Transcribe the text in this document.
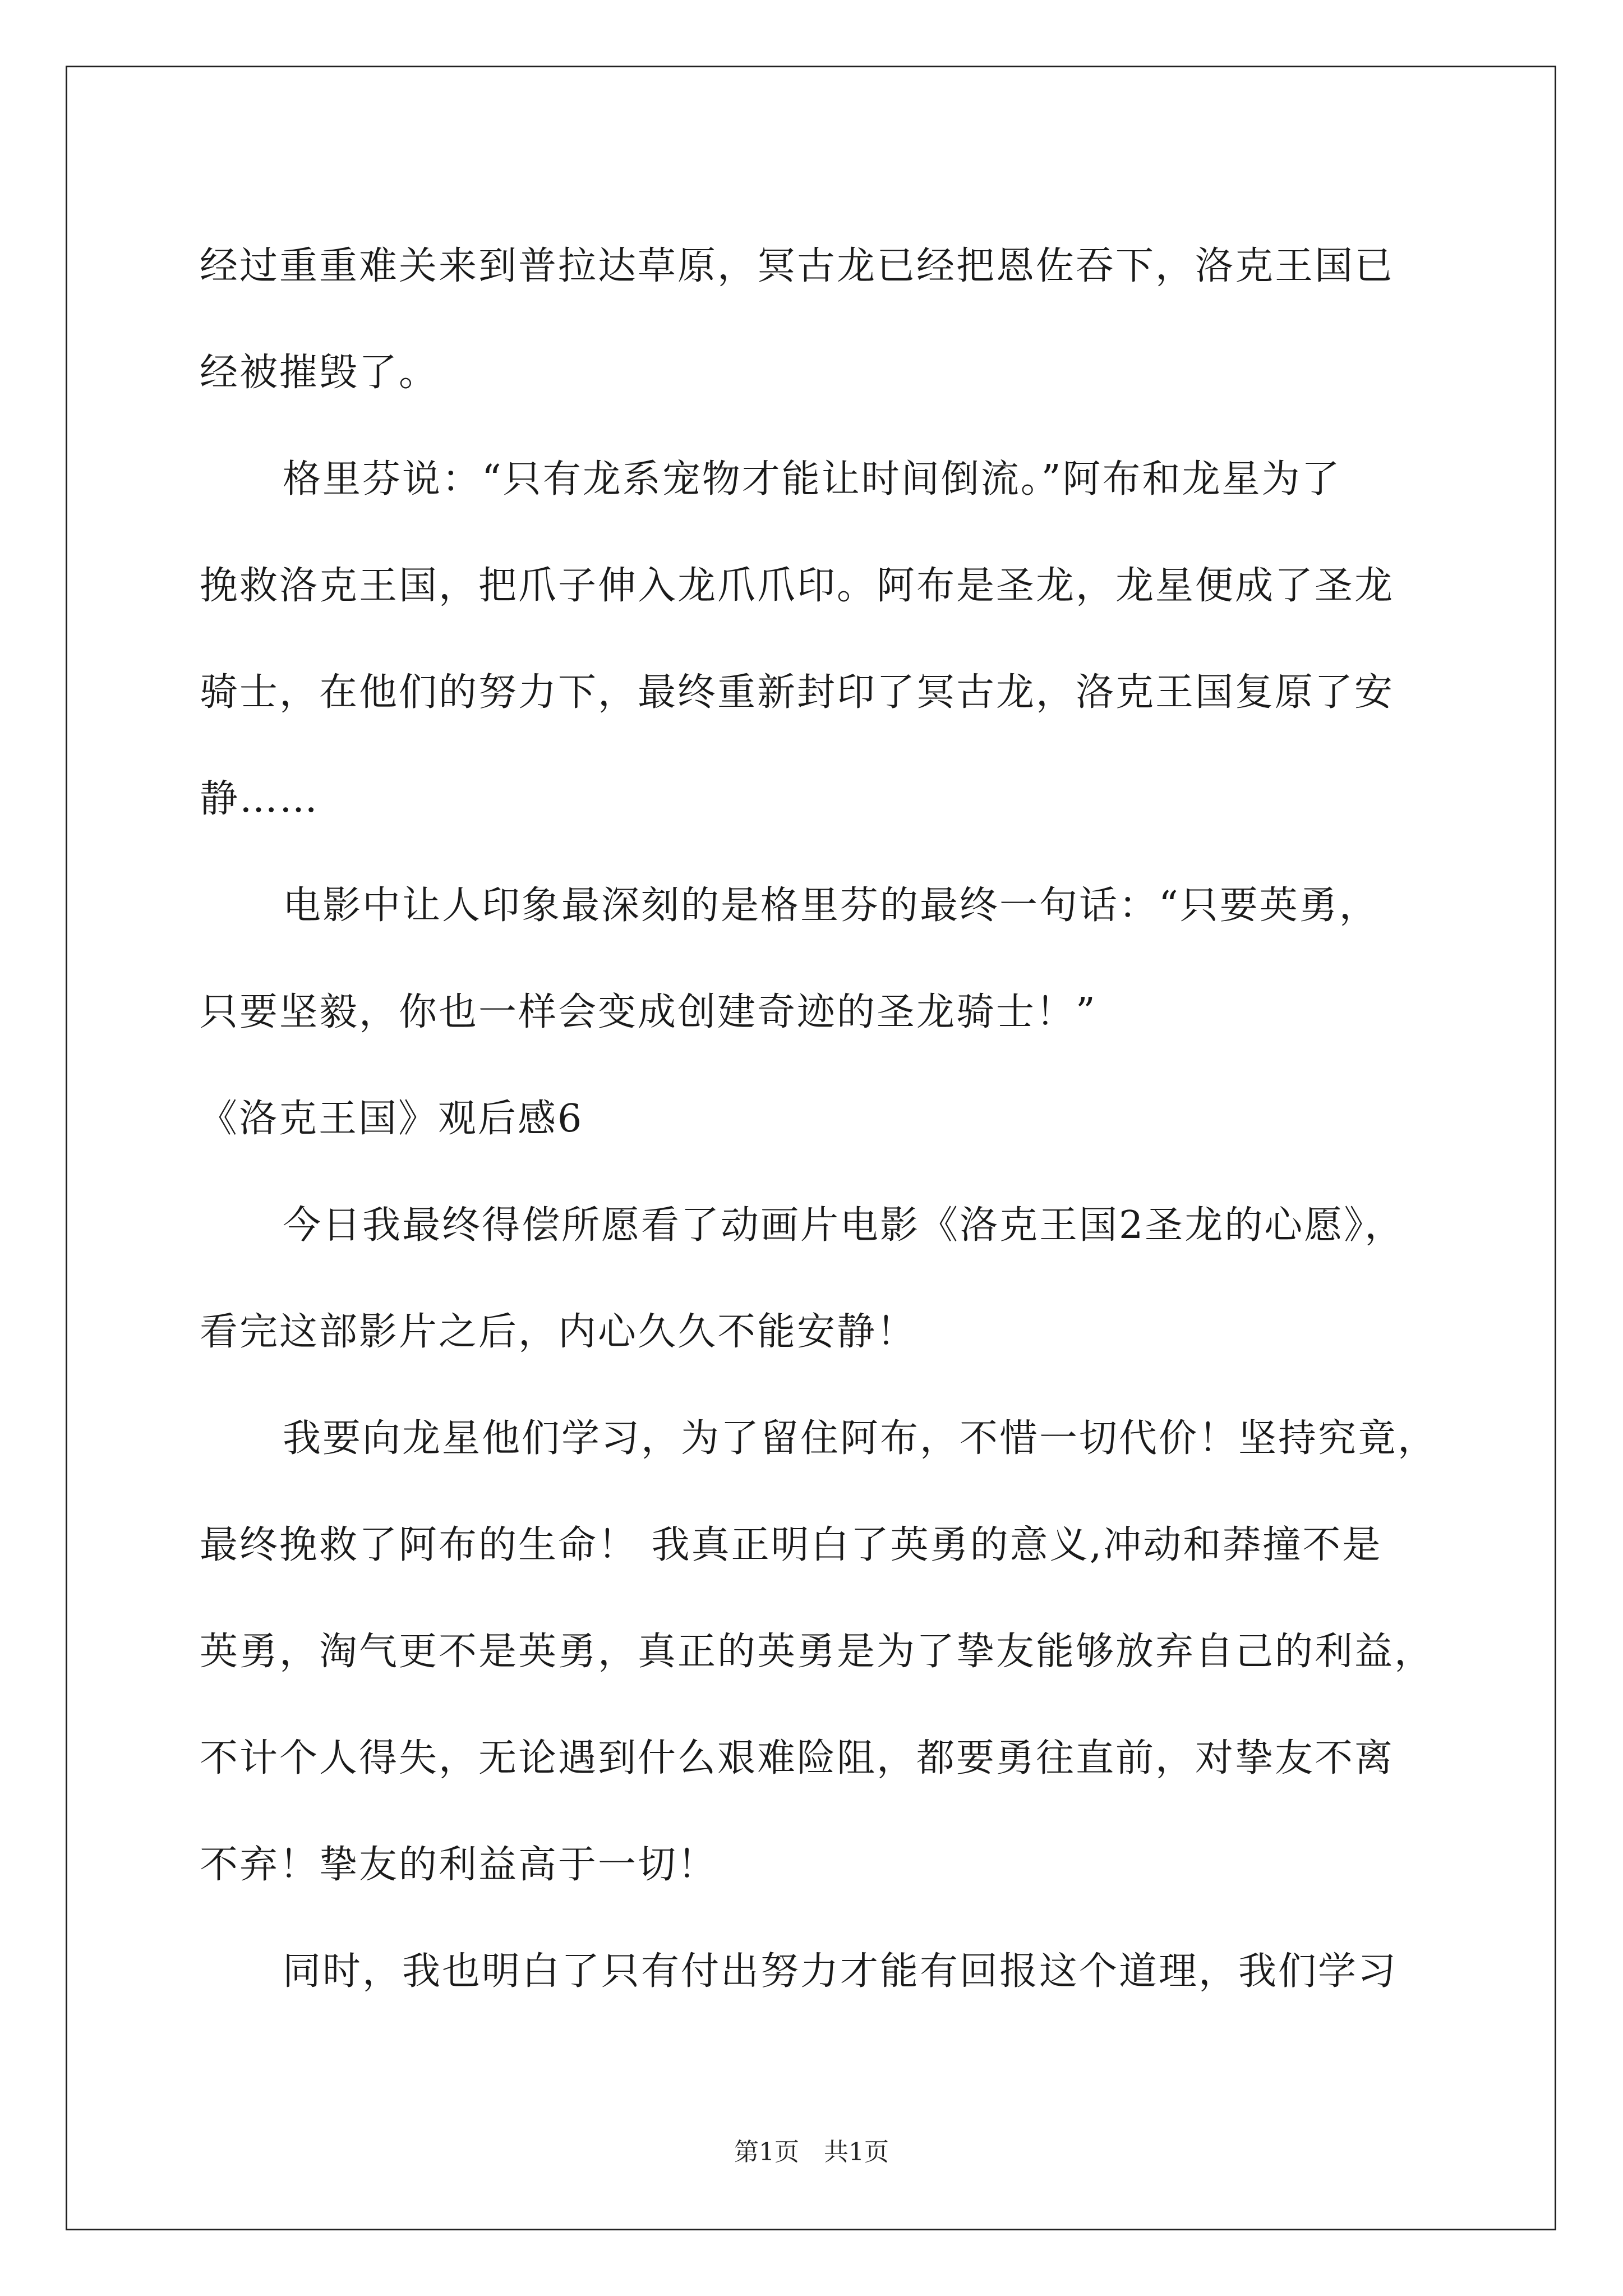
经过重重难关来到普拉达草原，冥古龙已经把恩佐吞下，洛克王国已

经被摧毁了。

格里芬说：“只有龙系宠物才能让时间倒流。”阿布和龙星为了

挽救洛克王国，把爪子伸入龙爪爪印。阿布是圣龙，龙星便成了圣龙

骑士，在他们的努力下，最终重新封印了冥古龙，洛克王国复原了安

静……

电影中让人印象最深刻的是格里芬的最终一句话：“只要英勇，

只要坚毅，你也一样会变成创建奇迹的圣龙骑士！”

《洛克王国》观后感6

今日我最终得偿所愿看了动画片电影《洛克王国2圣龙的心愿》，

看完这部影片之后，内心久久不能安静！

我要向龙星他们学习，为了留住阿布，不惜一切代价！坚持究竟，

最终挽救了阿布的生命！ 我真正明白了英勇的意义,冲动和莽撞不是

英勇，淘气更不是英勇，真正的英勇是为了挚友能够放弃自己的利益，

不计个人得失，无论遇到什么艰难险阻，都要勇往直前，对挚友不离

不弃！挚友的利益高于一切！

同时，我也明白了只有付出努力才能有回报这个道理，我们学习

第1页　共1页
